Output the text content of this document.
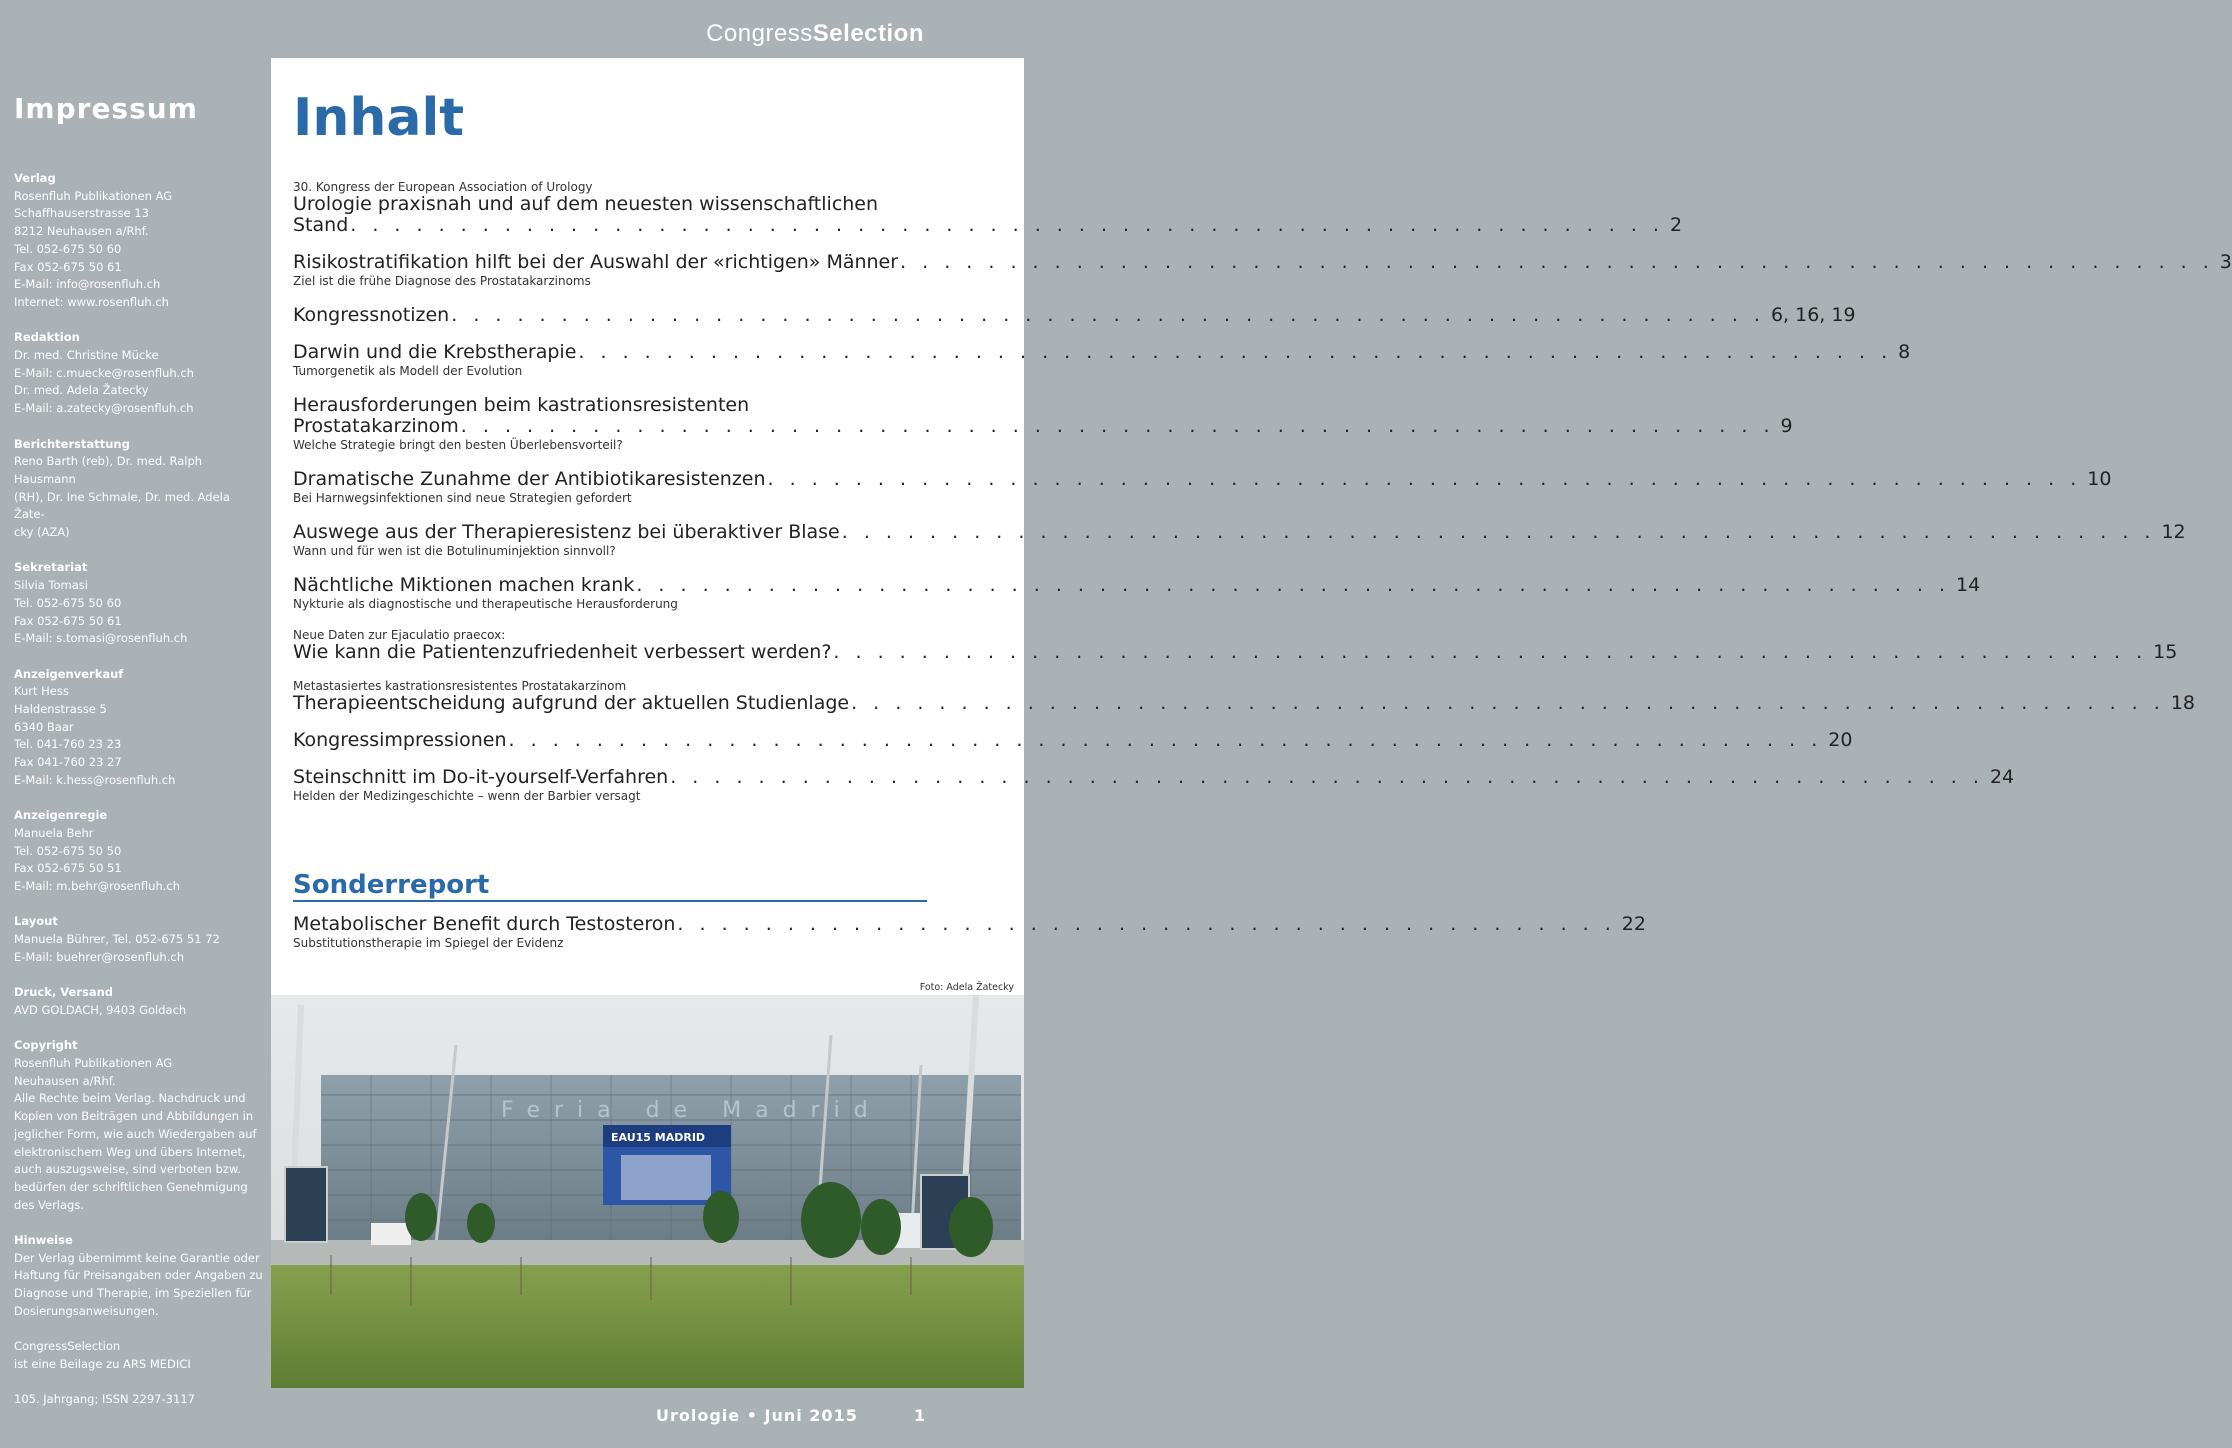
CongressSelection
Impressum
Verlag
Rosenfluh Publikationen AG
Schaffhauserstrasse 13
8212 Neuhausen a/Rhf.
Tel. 052-675 50 60
Fax 052-675 50 61
E-Mail: info@rosenfluh.ch
Internet: www.rosenfluh.ch
Redaktion
Dr. med. Christine Mücke
E-Mail: c.muecke@rosenfluh.ch
Dr. med. Adela Žatecky
E-Mail: a.zatecky@rosenfluh.ch
Berichterstattung
Reno Barth (reb), Dr. med. Ralph Hausmann
(RH), Dr. Ine Schmale, Dr. med. Adela Žate-
cky (AZA)
Sekretariat
Silvia Tomasi
Tel. 052-675 50 60
Fax 052-675 50 61
E-Mail: s.tomasi@rosenfluh.ch
Anzeigenverkauf
Kurt Hess
Haldenstrasse 5
6340 Baar
Tel. 041-760 23 23
Fax 041-760 23 27
E-Mail: k.hess@rosenfluh.ch
Anzeigenregie
Manuela Behr
Tel. 052-675 50 50
Fax 052-675 50 51
E-Mail: m.behr@rosenfluh.ch
Layout
Manuela Bührer, Tel. 052-675 51 72
E-Mail: buehrer@rosenfluh.ch
Druck, Versand
AVD GOLDACH, 9403 Goldach
Copyright
Rosenfluh Publikationen AG
Neuhausen a/Rhf.
Alle Rechte beim Verlag. Nachdruck und
Kopien von Beiträgen und Abbildungen in
jeglicher Form, wie auch Wiedergaben auf
elektronischem Weg und übers Internet,
auch auszugsweise, sind verboten bzw.
bedürfen der schriftlichen Genehmigung
des Verlags.
Hinweise
Der Verlag übernimmt keine Garantie oder
Haftung für Preisangaben oder Angaben zu
Diagnose und Therapie, im Speziellen für
Dosierungsanweisungen.
CongressSelection
ist eine Beilage zu ARS MEDICI
105. Jahrgang; ISSN 2297-3117
Inhalt
30. Kongress der European Association of Urology
Urologie praxisnah und auf dem neuesten wissenschaftlichen
Stand . . . . . . . . . . . . . . . . . . . . . . . . . . . . . . . . . . . . . . . . . . . . . . . . . . . . . . . . . . . . 2
Risikostratifikation hilft bei der Auswahl der «richtigen» Männer . . . . . . . . . . . . . . . . . . . . . . . . . . . . . . . . . . . . . . . . . . . . . . . . . . . . . . . . . . . . 3
Ziel ist die frühe Diagnose des Prostatakarzinoms
Kongressnotizen . . . . . . . . . . . . . . . . . . . . . . . . . . . . . . . . . . . . . . . . . . . . . . . . . . . . . . . . . . . . 6, 16, 19
Darwin und die Krebstherapie . . . . . . . . . . . . . . . . . . . . . . . . . . . . . . . . . . . . . . . . . . . . . . . . . . . . . . . . . . . . 8
Tumorgenetik als Modell der Evolution
Herausforderungen beim kastrationsresistenten
Prostatakarzinom . . . . . . . . . . . . . . . . . . . . . . . . . . . . . . . . . . . . . . . . . . . . . . . . . . . . . . . . . . . . 9
Welche Strategie bringt den besten Überlebensvorteil?
Dramatische Zunahme der Antibiotikaresistenzen . . . . . . . . . . . . . . . . . . . . . . . . . . . . . . . . . . . . . . . . . . . . . . . . . . . . . . . . . . . . 10
Bei Harnwegsinfektionen sind neue Strategien gefordert
Auswege aus der Therapieresistenz bei überaktiver Blase . . . . . . . . . . . . . . . . . . . . . . . . . . . . . . . . . . . . . . . . . . . . . . . . . . . . . . . . . . . . 12
Wann und für wen ist die Botulinuminjektion sinnvoll?
Nächtliche Miktionen machen krank . . . . . . . . . . . . . . . . . . . . . . . . . . . . . . . . . . . . . . . . . . . . . . . . . . . . . . . . . . . . 14
Nykturie als diagnostische und therapeutische Herausforderung
Neue Daten zur Ejaculatio praecox:
Wie kann die Patientenzufriedenheit verbessert werden? . . . . . . . . . . . . . . . . . . . . . . . . . . . . . . . . . . . . . . . . . . . . . . . . . . . . . . . . . . . . 15
Metastasiertes kastrationsresistentes Prostatakarzinom
Therapieentscheidung aufgrund der aktuellen Studienlage . . . . . . . . . . . . . . . . . . . . . . . . . . . . . . . . . . . . . . . . . . . . . . . . . . . . . . . . . . . . 18
Kongressimpressionen . . . . . . . . . . . . . . . . . . . . . . . . . . . . . . . . . . . . . . . . . . . . . . . . . . . . . . . . . . . . 20
Steinschnitt im Do-it-yourself-Verfahren . . . . . . . . . . . . . . . . . . . . . . . . . . . . . . . . . . . . . . . . . . . . . . . . . . . . . . . . . . . . 24
Helden der Medizingeschichte – wenn der Barbier versagt
Sonderreport
Metabolischer Benefit durch Testosteron . . . . . . . . . . . . . . . . . . . . . . . . . . . . . . . . . . . . . . . . . . . 22
Substitutionstherapie im Spiegel der Evidenz
Foto: Adela Žatecky
Feria de Madrid
EAU15 MADRID
Urologie • Juni 2015	1
